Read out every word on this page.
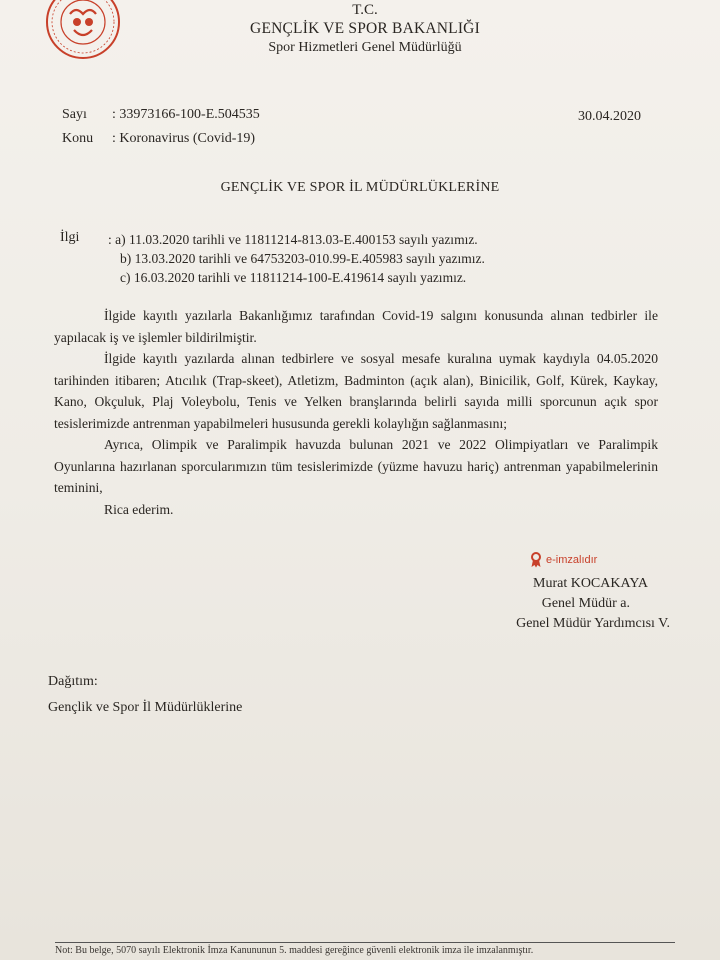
T.C.
GENÇLİK VE SPOR BAKANLIĞI
Spor Hizmetleri Genel Müdürlüğü
Sayı : 33973166-100-E.504535
Konu : Koronavirus (Covid-19)
30.04.2020
GENÇLİK VE SPOR İL MÜDÜRLÜKLERİNE
İlgi : a) 11.03.2020 tarihli ve 11811214-813.03-E.400153 sayılı yazımız.
b) 13.03.2020 tarihli ve 64753203-010.99-E.405983 sayılı yazımız.
c) 16.03.2020 tarihli ve 11811214-100-E.419614 sayılı yazımız.

İlgide kayıtlı yazılarla Bakanlığımız tarafından Covid-19 salgını konusunda alınan tedbirler ile yapılacak iş ve işlemler bildirilmiştir.

İlgide kayıtlı yazılarda alınan tedbirlere ve sosyal mesafe kuralına uymak kaydıyla 04.05.2020 tarihinden itibaren; Atıcılık (Trap-skeet), Atletizm, Badminton (açık alan), Binicilik, Golf, Kürek, Kaykay, Kano, Okçuluk, Plaj Voleybolu, Tenis ve Yelken branşlarında belirli sayıda milli sporcunun açık spor tesislerimizde antrenman yapabilmeleri hususunda gerekli kolaylığın sağlanmasını;

Ayrıca, Olimpik ve Paralimpik havuzda bulunan 2021 ve 2022 Olimpiyatları ve Paralimpik Oyunlarına hazırlanan sporcularımızın tüm tesislerimizde (yüzme havuzu hariç) antrenman yapabilmelerinin teminini,

Rica ederim.

e-imzalıdır
Murat KOCAKAYA
Genel Müdür a.
Genel Müdür Yardımcısı V.
Dağıtım:
Gençlik ve Spor İl Müdürlüklerine
Not: Bu belge, 5070 sayılı Elektronik İmza Kanununun 5. maddesi gereğince güvenli elektronik imza ile imzalanmıştır.
